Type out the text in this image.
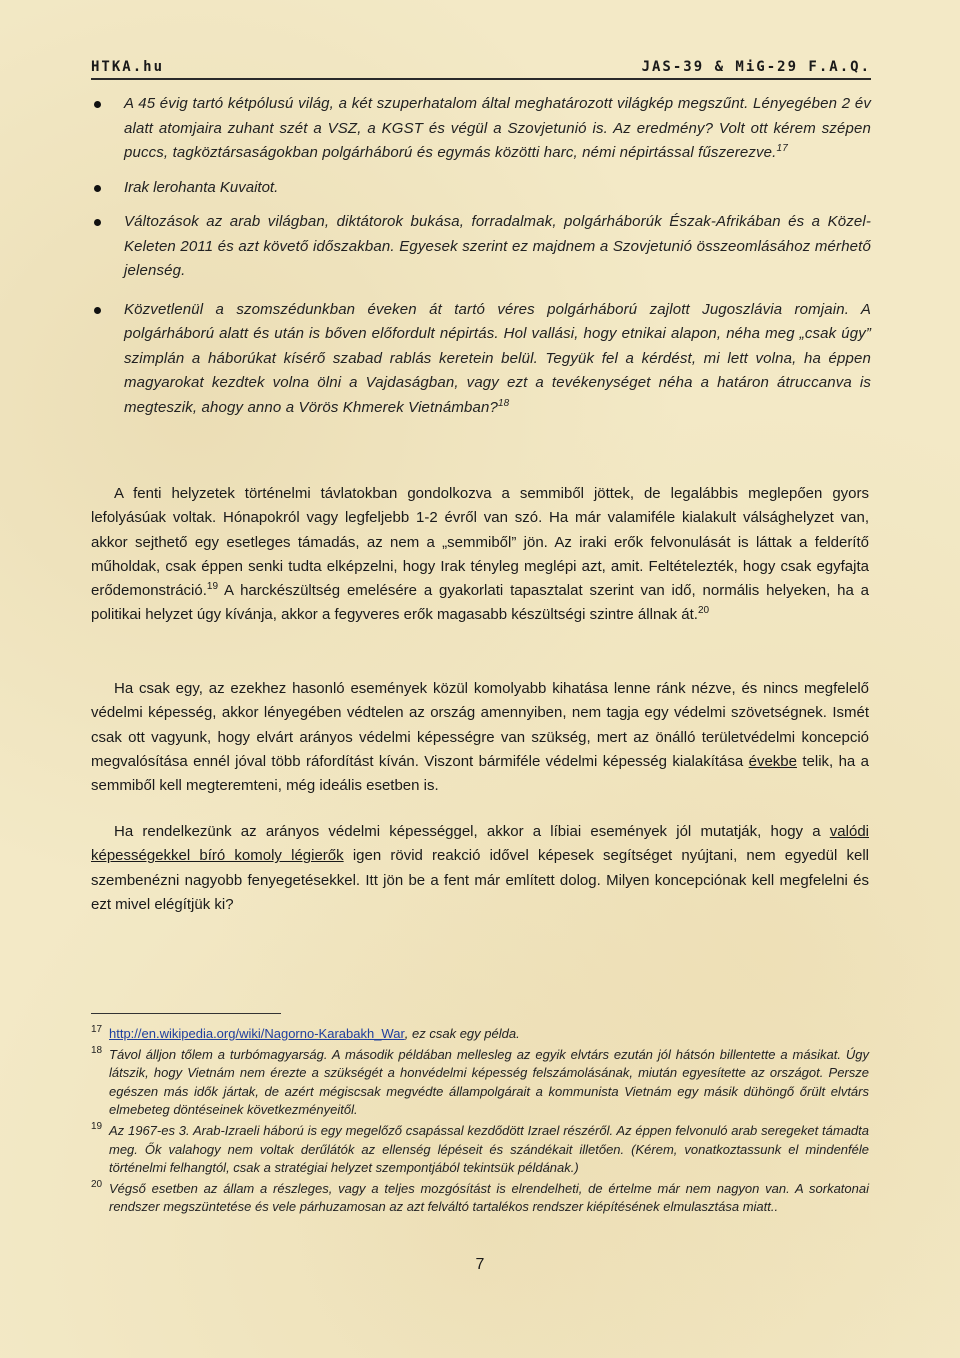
HTKA.hu	JAS-39 & MiG-29 F.A.Q.

A 45 évig tartó kétpólusú világ, a két szuperhatalom által meghatározott világkép megszűnt. Lényegében 2 év alatt atomjaira zuhant szét a VSZ, a KGST és végül a Szovjetunió is. Az eredmény? Volt ott kérem szépen puccs, tagköztársaságokban polgárháború és egymás közötti harc, némi népirtással fűszerezve.$^{17}$

Irak lerohanta Kuvaitot.

Változások az arab világban, diktátorok bukása, forradalmak, polgárháborúk Észak-Afrikában és a Közel-Keleten 2011 és azt követő időszakban. Egyesek szerint ez majdnem a Szovjetunió összeomlásához mérhető jelenség.

Közvetlenül a szomszédunkban éveken át tartó véres polgárháború zajlott Jugoszlávia romjain. A polgárháború alatt és után is bőven előfordult népirtás. Hol vallási, hogy etnikai alapon, néha meg „csak úgy” szimplán a háborúkat kísérő szabad rablás keretein belül. Tegyük fel a kérdést, mi lett volna, ha éppen magyarokat kezdtek volna ölni a Vajdaságban, vagy ezt a tevékenységet néha a határon átruccanva is megteszik, ahogy anno a Vörös Khmerek Vietnámban?$^{18}$

A fenti helyzetek történelmi távlatokban gondolkozva a semmiből jöttek, de legalábbis meglepően gyors lefolyásúak voltak. Hónapokról vagy legfeljebb 1-2 évről van szó. Ha már valamiféle kialakult válsághelyzet van, akkor sejthető egy esetleges támadás, az nem a „semmiből” jön. Az iraki erők felvonulását is láttak a felderítő műholdak, csak éppen senki tudta elképzelni, hogy Irak tényleg meglépi azt, amit. Feltételezték, hogy csak egyfajta erődemonstráció.$^{19}$ A harckészültség emelésére a gyakorlati tapasztalat szerint van idő, normális helyeken, ha a politikai helyzet úgy kívánja, akkor a fegyveres erők magasabb készültségi szintre állnak át.$^{20}$

Ha csak egy, az ezekhez hasonló események közül komolyabb kihatása lenne ránk nézve, és nincs megfelelő védelmi képesség, akkor lényegében védtelen az ország amennyiben, nem tagja egy védelmi szövetségnek. Ismét csak ott vagyunk, hogy elvárt arányos védelmi képességre van szükség, mert az önálló területvédelmi koncepció megvalósítása ennél jóval több ráfordítást kíván. Viszont bármiféle védelmi képesség kialakítása évekbe telik, ha a semmiből kell megteremteni, még ideális esetben is.

Ha rendelkezünk az arányos védelmi képességgel, akkor a líbiai események jól mutatják, hogy a valódi képességekkel bíró komoly légierők igen rövid reakció idővel képesek segítséget nyújtani, nem egyedül kell szembenézni nagyobb fenyegetésekkel. Itt jön be a fent már említett dolog. Milyen koncepciónak kell megfelelni és ezt mivel elégítjük ki?

17 http://en.wikipedia.org/wiki/Nagorno-Karabakh_War, ez csak egy példa.
18 Távol álljon tőlem a turbómagyarság. A második példában mellesleg az egyik elvtárs ezután jól hátsón billentette a másikat. Úgy látszik, hogy Vietnám nem érezte a szükségét a honvédelmi képesség felszámolásának, miután egyesítette az országot. Persze egészen más idők jártak, de azért mégiscsak megvédte állampolgárait a kommunista Vietnám egy másik dühöngő őrült elvtárs elmebeteg döntéseinek következményeitől.
19 Az 1967-es 3. Arab-Izraeli háború is egy megelőző csapással kezdődött Izrael részéről. Az éppen felvonuló arab seregeket támadta meg. Ők valahogy nem voltak derűlátók az ellenség lépéseit és szándékait illetően. (Kérem, vonatkoztassunk el mindenféle történelmi felhangtól, csak a stratégiai helyzet szempontjából tekintsük példának.)
20 Végső esetben az állam a részleges, vagy a teljes mozgósítást is elrendelheti, de értelme már nem nagyon van. A sorkatonai rendszer megszüntetése és vele párhuzamosan az azt felváltó tartalékos rendszer kiépítésének elmulasztása miatt..
7
